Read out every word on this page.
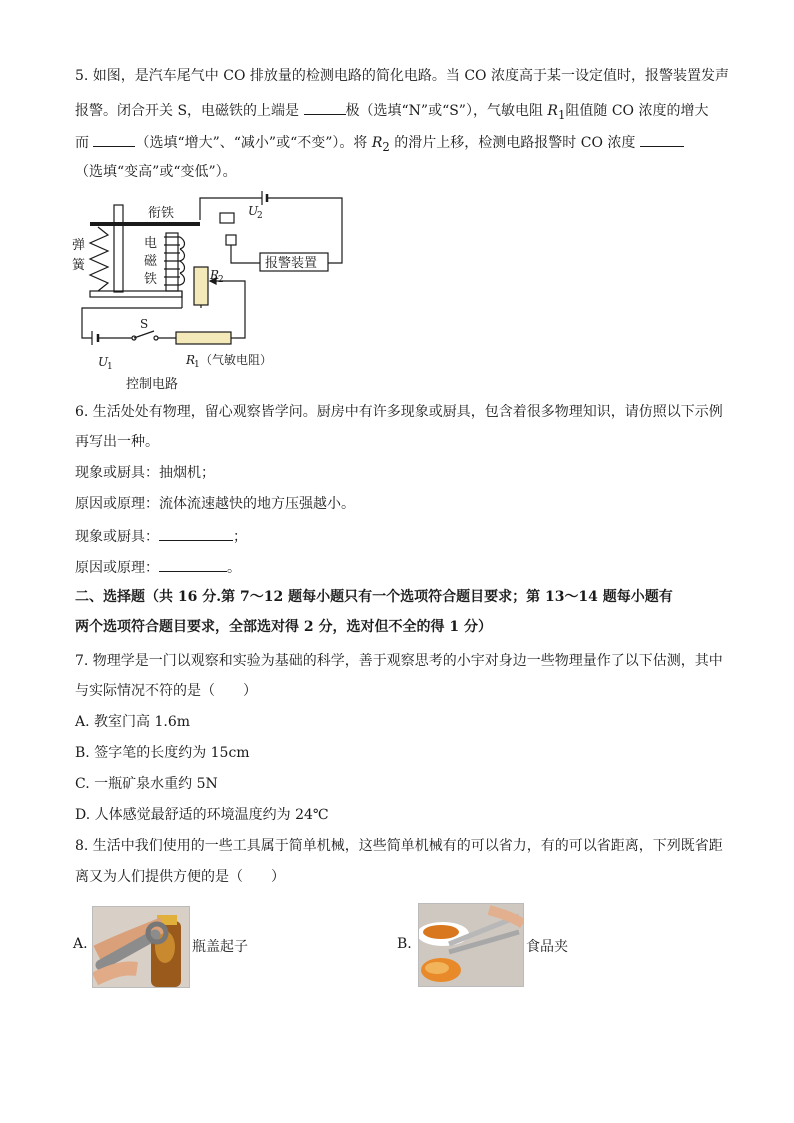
5. 如图，是汽车尾气中 CO 排放量的检测电路的简化电路。当 CO 浓度高于某一设定值时，报警装置发声
报警。闭合开关 S，电磁铁的上端是	极（选填“N”或“S”），气敏电阻 $R_1$阻值随 CO 浓度的增大
而	（选填“增大”、“减小”或“不变”）。将 $R_2$ 的滑片上移，检测电路报警时 CO 浓度
（选填“变高”或“变低”）。
衔铁
弹
簧
电
磁
铁
U
2
报警装置
R
2
S
U
1	R
1 （气敏电阻）
控制电路
6. 生活处处有物理，留心观察皆学问。厨房中有许多现象或厨具，包含着很多物理知识，请仿照以下示例
再写出一种。
现象或厨具：抽烟机；
原因或原理：流体流速越快的地方压强越小。
现象或厨具：	；
原因或原理：	。
二、选择题（共 16 分.第 7～12 题每小题只有一个选项符合题目要求；第 13～14 题每小题有
两个选项符合题目要求，全部选对得 2 分，选对但不全的得 1 分）
7. 物理学是一门以观察和实验为基础的科学，善于观察思考的小宇对身边一些物理量作了以下估测，其中
与实际情况不符的是（　　）
A. 教室门高 1.6m
B. 签字笔的长度约为 15cm
C. 一瓶矿泉水重约 5N
D. 人体感觉最舒适的环境温度约为 24℃
8. 生活中我们使用的一些工具属于简单机械，这些简单机械有的可以省力，有的可以省距离，下列既省距
离又为人们提供方便的是（　　）
A.	瓶盖起子	B.	食品夹
